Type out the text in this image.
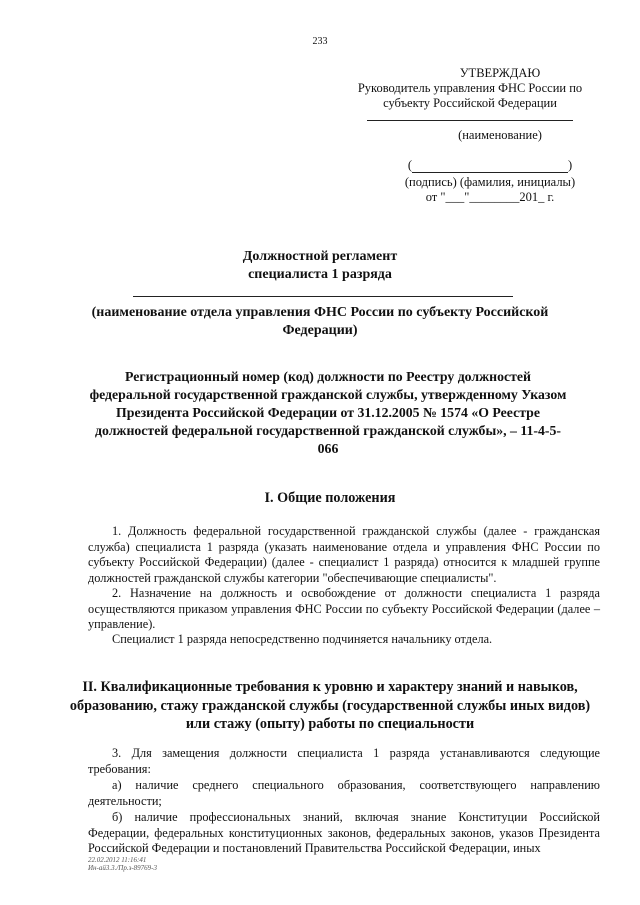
233
УТВЕРЖДАЮ
Руководитель управления ФНС России по
субъекту Российской Федерации
(наименование)
(	)
(подпись) (фамилия, инициалы)
от "___"________201_ г.
Должностной регламент
специалиста 1 разряда
(наименование отдела управления ФНС России по субъекту Российской Федерации)
Регистрационный номер (код) должности по Реестру должностей федеральной государственной гражданской службы, утвержденному Указом Президента Российской Федерации от 31.12.2005 № 1574 «О Реестре должностей федеральной государственной гражданской службы», – 11-4-5-066
I. Общие положения
1. Должность федеральной государственной гражданской службы (далее - гражданская служба) специалиста 1 разряда (указать наименование отдела и управления ФНС России по субъекту Российской Федерации) (далее - специалист 1 разряда) относится к младшей группе должностей гражданской службы категории "обеспечивающие специалисты".
2. Назначение на должность и освобождение от должности специалиста 1 разряда осуществляются приказом управления ФНС России по субъекту Российской Федерации (далее – управление).
Специалист 1 разряда непосредственно подчиняется начальнику отдела.
II. Квалификационные требования к уровню и характеру знаний и навыков, образованию, стажу гражданской службы (государственной службы иных видов) или стажу (опыту) работы по специальности
3. Для замещения должности специалиста 1 разряда устанавливаются следующие требования:
а) наличие среднего специального образования, соответствующего направлению деятельности;
б) наличие профессиональных знаний, включая знание Конституции Российской Федерации, федеральных конституционных законов, федеральных законов, указов Президента Российской Федерации и постановлений Правительства Российской Федерации, иных
22.02.2012 11:16:41
Ин-ай3.3./Пр.з-89769-3
